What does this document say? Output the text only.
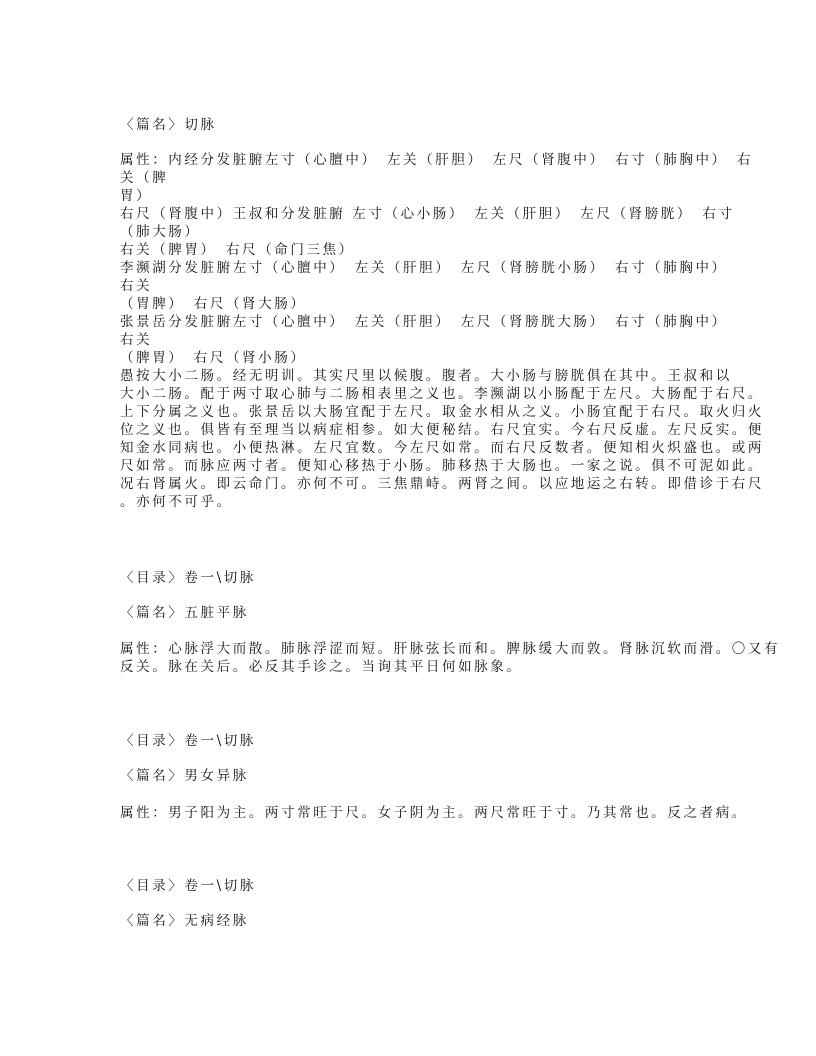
〈篇名〉切脉
属性：内经分发脏腑左寸（心膻中）　左关（肝胆）　左尺（肾腹中）　右寸（肺胸中）　右
关（脾
胃）
右尺（肾腹中）王叔和分发脏腑 左寸（心小肠）　左关（肝胆）　左尺（肾膀胱）　右寸
（肺大肠）
右关（脾胃）　右尺（命门三焦）
李濒湖分发脏腑左寸（心膻中）　左关（肝胆）　左尺（肾膀胱小肠）　右寸（肺胸中）
右关
（胃脾）　右尺（肾大肠）
张景岳分发脏腑左寸（心膻中）　左关（肝胆）　左尺（肾膀胱大肠）　右寸（肺胸中）
右关
（脾胃）　右尺（肾小肠）
愚按大小二肠。经无明训。其实尺里以候腹。腹者。大小肠与膀胱俱在其中。王叔和以
大小二肠。配于两寸取心肺与二肠相表里之义也。李濒湖以小肠配于左尺。大肠配于右尺。
上下分属之义也。张景岳以大肠宜配于左尺。取金水相从之义。小肠宜配于右尺。取火归火
位之义也。俱皆有至理当以病症相参。如大便秘结。右尺宜实。今右尺反虚。左尺反实。便
知金水同病也。小便热淋。左尺宜数。今左尺如常。而右尺反数者。便知相火炽盛也。或两
尺如常。而脉应两寸者。便知心移热于小肠。肺移热于大肠也。一家之说。俱不可泥如此。
况右肾属火。即云命门。亦何不可。三焦鼎峙。两肾之间。以应地运之右转。即借诊于右尺
。亦何不可乎。
〈目录〉卷一\切脉
〈篇名〉五脏平脉
属性：心脉浮大而散。肺脉浮涩而短。肝脉弦长而和。脾脉缓大而敦。肾脉沉软而滑。〇又有
反关。脉在关后。必反其手诊之。当询其平日何如脉象。
〈目录〉卷一\切脉
〈篇名〉男女异脉
属性：男子阳为主。两寸常旺于尺。女子阴为主。两尺常旺于寸。乃其常也。反之者病。
〈目录〉卷一\切脉
〈篇名〉无病经脉
